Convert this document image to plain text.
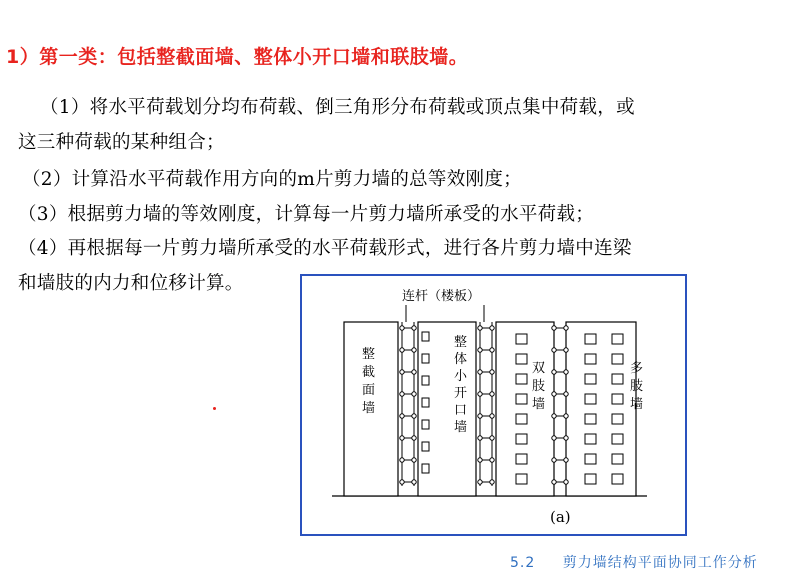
1）第一类：包括整截面墙、整体小开口墙和联肢墙。
（1）将水平荷载划分均布荷载、倒三角形分布荷载或顶点集中荷载，或
这三种荷载的某种组合；
（2）计算沿水平荷载作用方向的m片剪力墙的总等效刚度；
（3）根据剪力墙的等效刚度，计算每一片剪力墙所承受的水平荷载；
（4）再根据每一片剪力墙所承受的水平荷载形式，进行各片剪力墙中连梁
和墙肢的内力和位移计算。
连杆（楼板）
整
截
面
墙
整
体
小
开
口
墙
双
肢
墙
多
肢
墙
(a)
5.2 剪力墙结构平面协同工作分析
